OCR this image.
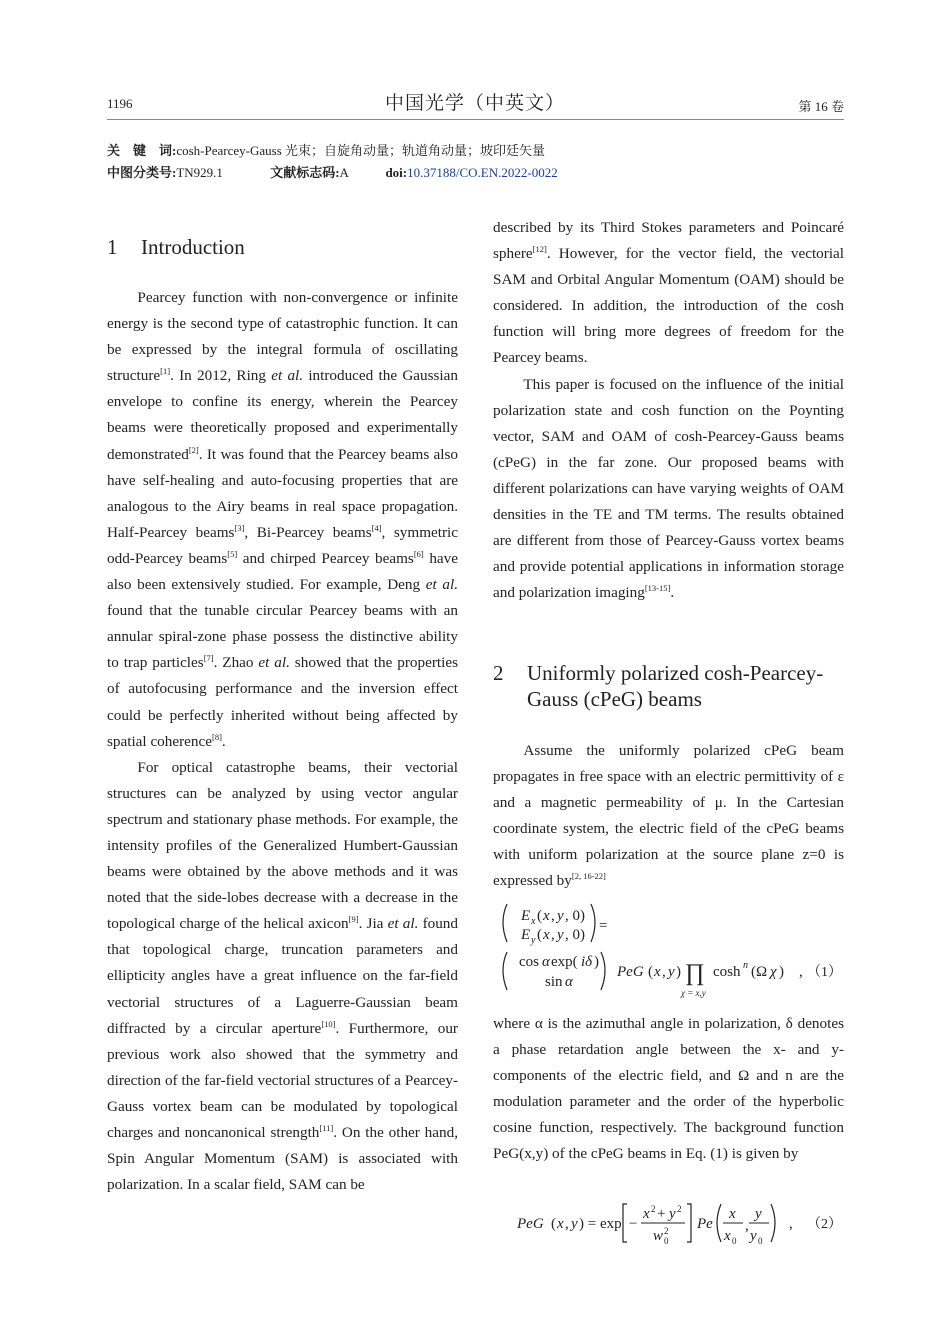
1196	中国光学（中英文）	第 16 卷
关　键　词:cosh-Pearcey-Gauss 光束；自旋角动量；轨道角动量；坡印廷矢量
中图分类号:TN929.1	文献标志码:A	doi:10.37188/CO.EN.2022-0022
1 Introduction

Pearcey function with non-convergence or infinite energy is the second type of catastrophic function. It can be expressed by the integral formula of oscillating structure[1]. In 2012, Ring et al. introduced the Gaussian envelope to confine its energy, wherein the Pearcey beams were theoretically proposed and experimentally demonstrated[2]. It was found that the Pearcey beams also have self-healing and auto-focusing properties that are analogous to the Airy beams in real space propagation. Half-Pearcey beams[3], Bi-Pearcey beams[4], symmetric odd-Pearcey beams[5] and chirped Pearcey beams[6] have also been extensively studied. For example, Deng et al. found that the tunable circular Pearcey beams with an annular spiral-zone phase possess the distinctive ability to trap particles[7]. Zhao et al. showed that the properties of autofocusing performance and the inversion effect could be perfectly inherited without being affected by spatial coherence[8].

For optical catastrophe beams, their vectorial structures can be analyzed by using vector angular spectrum and stationary phase methods. For example, the intensity profiles of the Generalized Humbert-Gaussian beams were obtained by the above methods and it was noted that the side-lobes decrease with a decrease in the topological charge of the helical axicon[9]. Jia et al. found that topological charge, truncation parameters and ellipticity angles have a great influence on the far-field vectorial structures of a Laguerre-Gaussian beam diffracted by a circular aperture[10]. Furthermore, our previous work also showed that the symmetry and direction of the far-field vectorial structures of a Pearcey-Gauss vortex beam can be modulated by topological charges and noncanonical strength[11]. On the other hand, Spin Angular Momentum (SAM) is associated with polarization. In a scalar field, SAM can be

described by its Third Stokes parameters and Poincaré sphere[12]. However, for the vector field, the vectorial SAM and Orbital Angular Momentum (OAM) should be considered. In addition, the introduction of the cosh function will bring more degrees of freedom for the Pearcey beams.

This paper is focused on the influence of the initial polarization state and cosh function on the Poynting vector, SAM and OAM of cosh-Pearcey-Gauss beams (cPeG) in the far zone. Our proposed beams with different polarizations can have varying weights of OAM densities in the TE and TM terms. The results obtained are different from those of Pearcey-Gauss vortex beams and provide potential applications in information storage and polarization imaging[13-15].

2 Uniformly polarized cosh-Pearcey-Gauss (cPeG) beams

Assume the uniformly polarized cPeG beam propagates in free space with an electric permittivity of ε and a magnetic permeability of μ. In the Cartesian coordinate system, the electric field of the cPeG beams with uniform polarization at the source plane z=0 is expressed by[2, 16-22]

E x ( x , y , 0)
E y ( x , y , 0)
=
cos α exp( iδ )
sin α
PeG ( x , y ) ∏
χ = x,y
cosh n (Ω χ ) , （1）

where α is the azimuthal angle in polarization, δ denotes a phase retardation angle between the x- and y-components of the electric field, and Ω and n are the modulation parameter and the order of the hyperbolic cosine function, respectively. The background function PeG(x,y) of the cPeG beams in Eq. (1) is given by

PeG ( x , y ) = exp −
x 2 + y 2
w 0
2 Pe
x
x 0
,
y
y 0
, （2）
